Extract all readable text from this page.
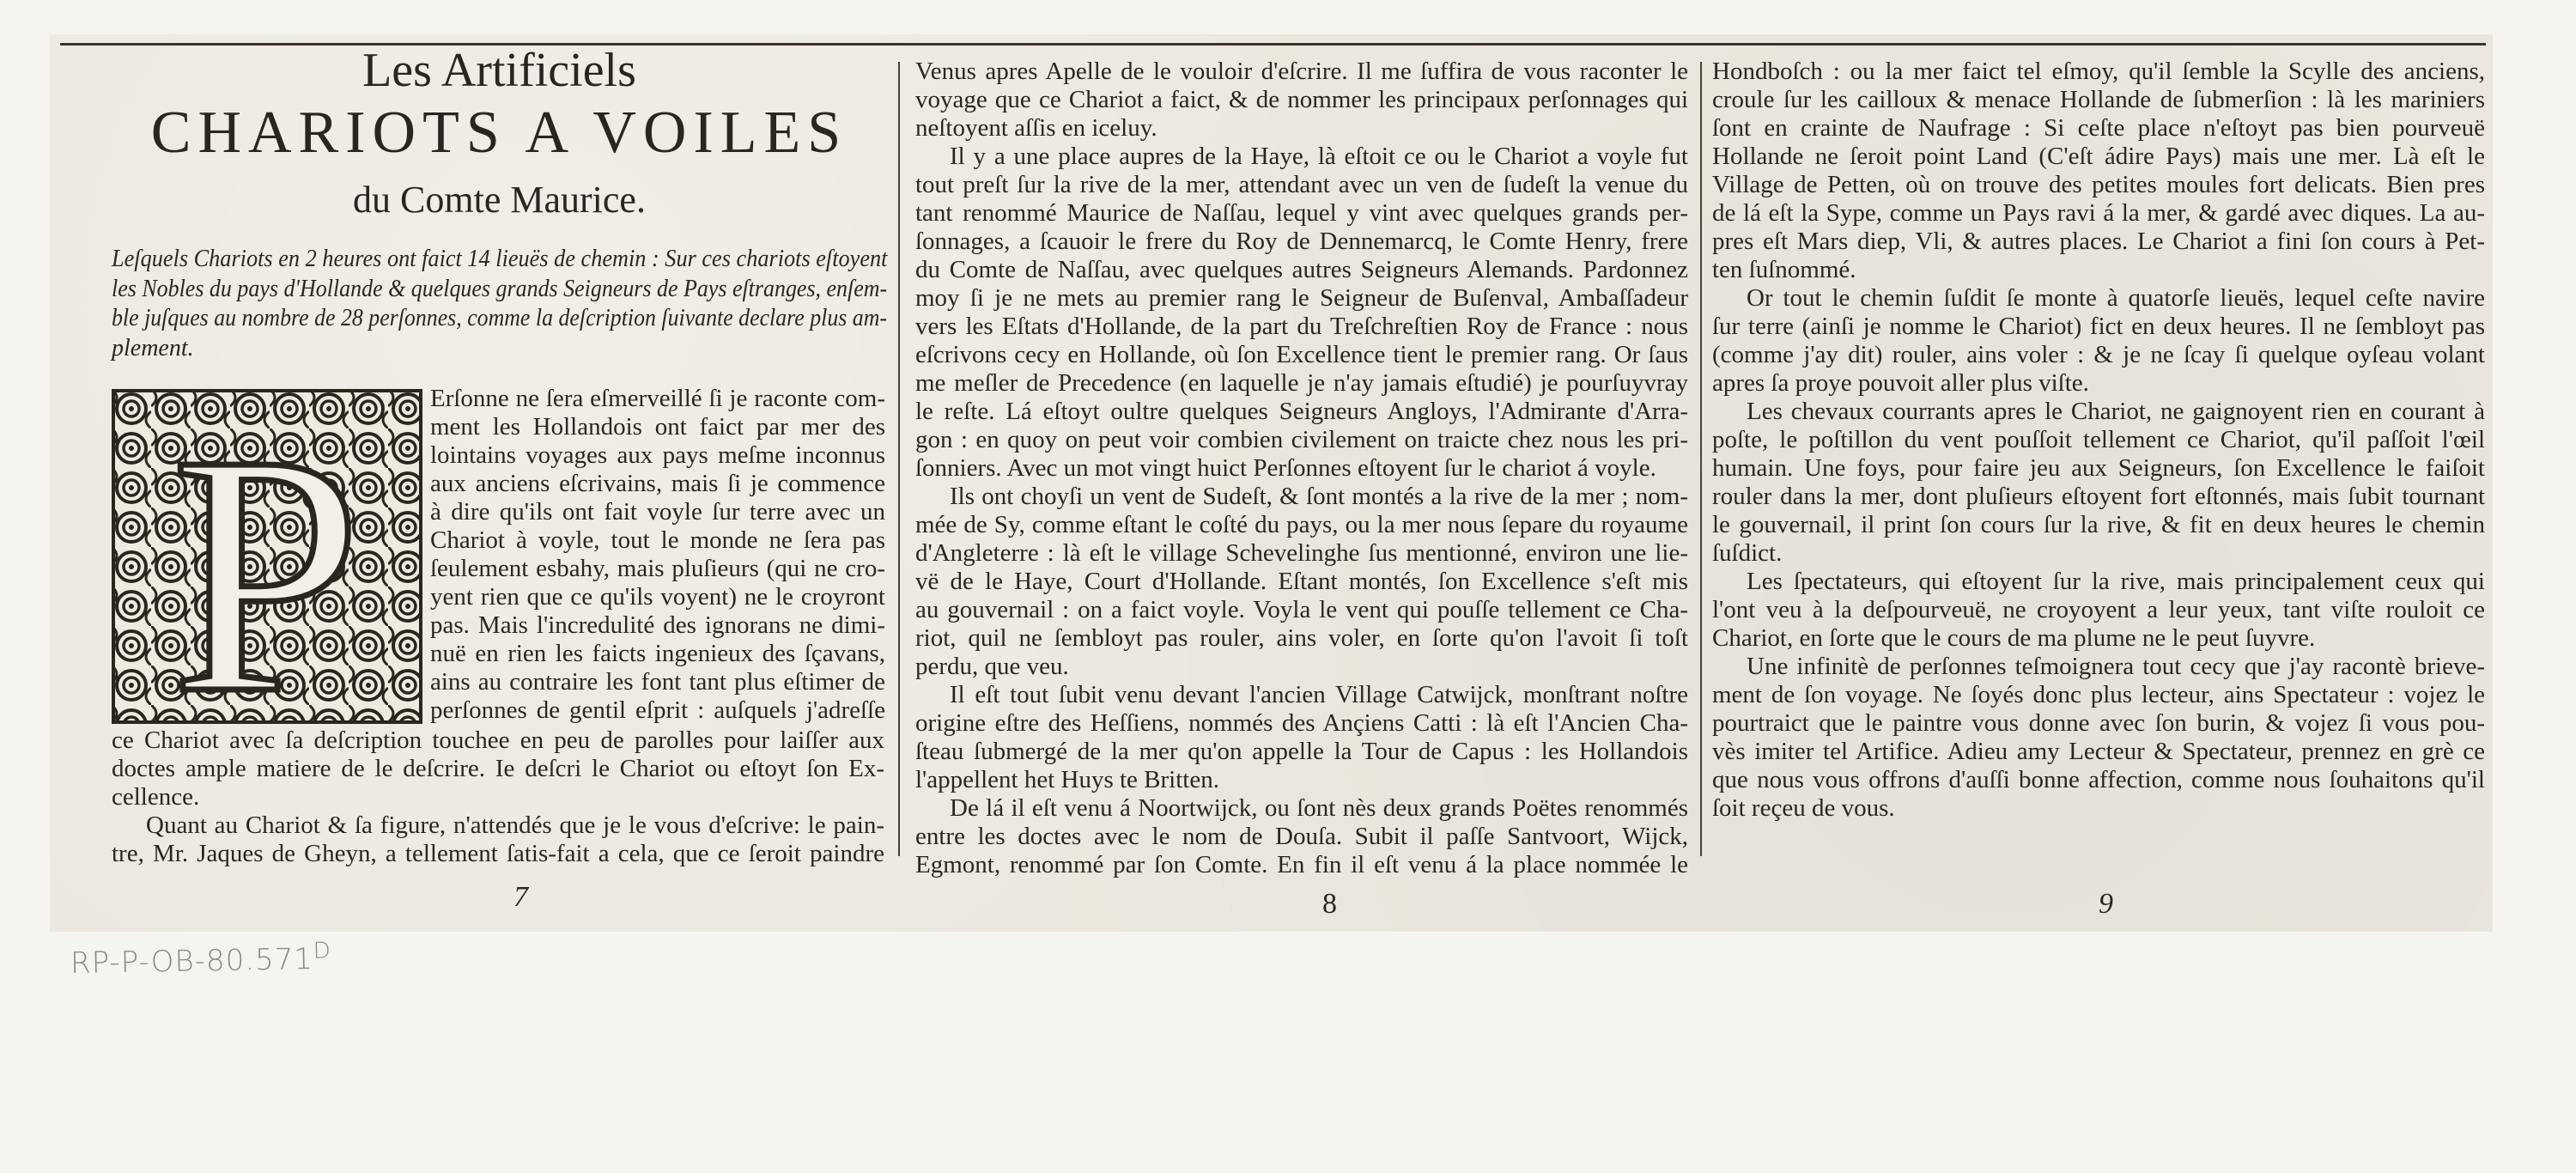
Les Artificiels
CHARIOTS A VOILES
du Comte Maurice.
Leſquels Chariots en 2 heures ont faict 14 lieuës de chemin : Sur ces chariots eſtoyent
les Nobles du pays d'Hollande & quelques grands Seigneurs de Pays eſtranges, enſem-
ble juſques au nombre de 28 perſonnes, comme la deſcription ſuivante declare plus am-
plement.
P	Erſonne ne ſera eſmerveillé ſi je raconte com-
ment les Hollandois ont faict par mer des
lointains voyages aux pays meſme inconnus
aux anciens eſcrivains, mais ſi je commence
à dire qu'ils ont fait voyle ſur terre avec un
Chariot à voyle, tout le monde ne ſera pas
ſeulement esbahy, mais pluſieurs (qui ne cro-
yent rien que ce qu'ils voyent) ne le croyront
pas. Mais l'incredulité des ignorans ne dimi-
nuë en rien les faicts ingenieux des ſçavans,
ains au contraire les font tant plus eſtimer de
perſonnes de gentil eſprit : auſquels j'adreſſe
ce Chariot avec ſa deſcription touchee en peu de parolles pour laiſſer aux
doctes ample matiere de le deſcrire. Ie deſcri le Chariot ou eſtoyt ſon Ex-
cellence.
Quant au Chariot & ſa figure, n'attendés que je le vous d'eſcrive: le pain-
tre, Mr. Jaques de Gheyn, a tellement ſatis-fait a cela, que ce ſeroit paindre
7
Venus apres Apelle de le vouloir d'eſcrire. Il me ſuffira de vous raconter le
voyage que ce Chariot a faict, & de nommer les principaux perſonnages qui
neſtoyent aſſis en iceluy.
Il y a une place aupres de la Haye, là eſtoit ce ou le Chariot a voyle fut
tout preſt ſur la rive de la mer, attendant avec un ven de ſudeſt la venue du
tant renommé Maurice de Naſſau, lequel y vint avec quelques grands per-
ſonnages, a ſcauoir le frere du Roy de Dennemarcq, le Comte Henry, frere
du Comte de Naſſau, avec quelques autres Seigneurs Alemands. Pardonnez
moy ſi je ne mets au premier rang le Seigneur de Buſenval, Ambaſſadeur
vers les Eſtats d'Hollande, de la part du Treſchreſtien Roy de France : nous
eſcrivons cecy en Hollande, où ſon Excellence tient le premier rang. Or ſaus
me meſler de Precedence (en laquelle je n'ay jamais eſtudié) je pourſuyvray
le reſte. Lá eſtoyt oultre quelques Seigneurs Angloys, l'Admirante d'Arra-
gon : en quoy on peut voir combien civilement on traicte chez nous les pri-
ſonniers. Avec un mot vingt huict Perſonnes eſtoyent ſur le chariot á voyle.
Ils ont choyſi un vent de Sudeſt, & ſont montés a la rive de la mer ; nom-
mée de Sy, comme eſtant le coſté du pays, ou la mer nous ſepare du royaume
d'Angleterre : là eſt le village Schevelinghe ſus mentionné, environ une lie-
vë de le Haye, Court d'Hollande. Eſtant montés, ſon Excellence s'eſt mis
au gouvernail : on a faict voyle. Voyla le vent qui pouſſe tellement ce Cha-
riot, quil ne ſembloyt pas rouler, ains voler, en ſorte qu'on l'avoit ſi toſt
perdu, que veu.
Il eſt tout ſubit venu devant l'ancien Village Catwijck, monſtrant noſtre
origine eſtre des Heſſiens, nommés des Ançiens Catti : là eſt l'Ancien Cha-
ſteau ſubmergé de la mer qu'on appelle la Tour de Capus : les Hollandois
l'appellent het Huys te Britten.
De lá il eſt venu á Noortwijck, ou ſont nès deux grands Poëtes renommés
entre les doctes avec le nom de Douſa. Subit il paſſe Santvoort, Wijck,
Egmont, renommé par ſon Comte. En fin il eſt venu á la place nommée le
8
Hondboſch : ou la mer faict tel eſmoy, qu'il ſemble la Scylle des anciens,
croule ſur les cailloux & menace Hollande de ſubmerſion : là les mariniers
ſont en crainte de Naufrage : Si ceſte place n'eſtoyt pas bien pourveuë
Hollande ne ſeroit point Land (C'eſt ádire Pays) mais une mer. Là eſt le
Village de Petten, où on trouve des petites moules fort delicats. Bien pres
de lá eſt la Sype, comme un Pays ravi á la mer, & gardé avec diques. La au-
pres eſt Mars diep, Vli, & autres places. Le Chariot a fini ſon cours à Pet-
ten ſuſnommé.
Or tout le chemin ſuſdit ſe monte à quatorſe lieuës, lequel ceſte navire
ſur terre (ainſi je nomme le Chariot) fict en deux heures. Il ne ſembloyt pas
(comme j'ay dit) rouler, ains voler : & je ne ſcay ſi quelque oyſeau volant
apres ſa proye pouvoit aller plus viſte.
Les chevaux courrants apres le Chariot, ne gaignoyent rien en courant à
poſte, le poſtillon du vent pouſſoit tellement ce Chariot, qu'il paſſoit l'œil
humain. Une foys, pour faire jeu aux Seigneurs, ſon Excellence le faiſoit
rouler dans la mer, dont pluſieurs eſtoyent fort eſtonnés, mais ſubit tournant
le gouvernail, il print ſon cours ſur la rive, & fit en deux heures le chemin
ſuſdict.
Les ſpectateurs, qui eſtoyent ſur la rive, mais principalement ceux qui
l'ont veu à la deſpourveuë, ne croyoyent a leur yeux, tant viſte rouloit ce
Chariot, en ſorte que le cours de ma plume ne le peut ſuyvre.
Une infinitè de perſonnes teſmoignera tout cecy que j'ay racontè brieve-
ment de ſon voyage. Ne ſoyés donc plus lecteur, ains Spectateur : vojez le
pourtraict que le paintre vous donne avec ſon burin, & vojez ſi vous pou-
vès imiter tel Artifice. Adieu amy Lecteur & Spectateur, prennez en grè ce
que nous vous offrons d'auſſi bonne affection, comme nous ſouhaitons qu'il
ſoit reçeu de vous.
9
$RP-P-OB-80.571^D$
